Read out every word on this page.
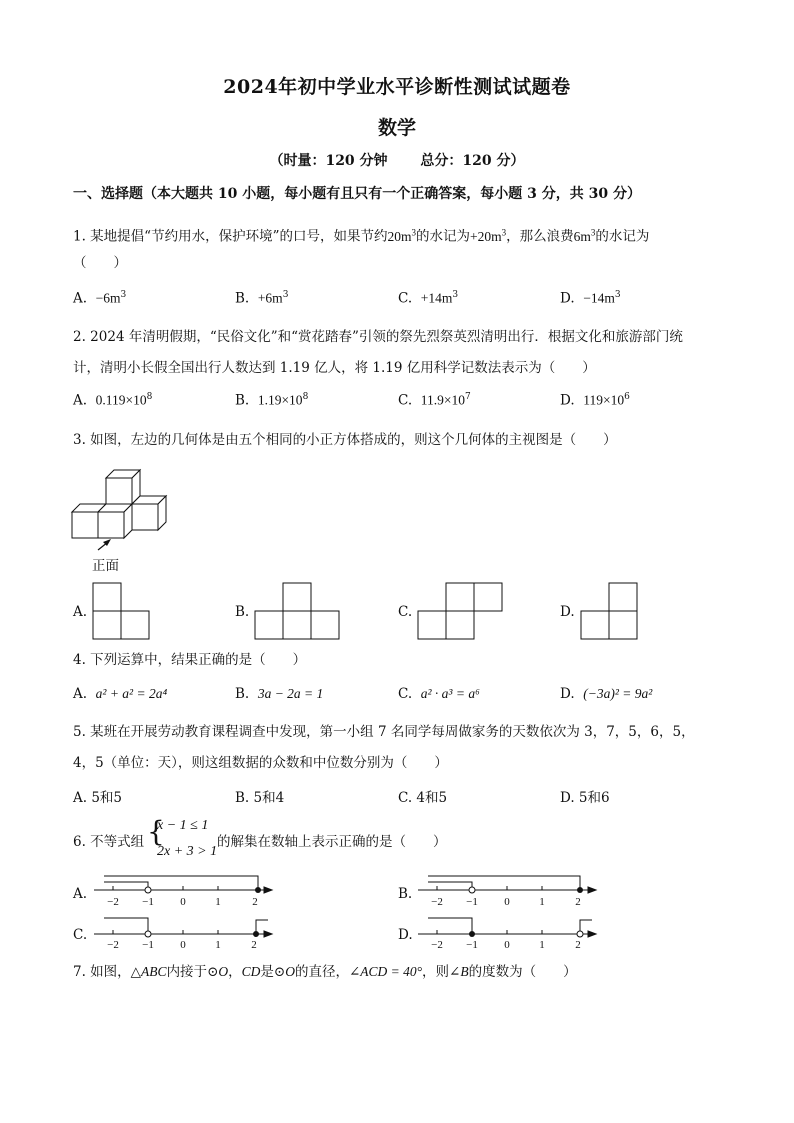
2024年初中学业水平诊断性测试试题卷
数学
（时量：120 分钟 　　总分：120 分）
一、选择题（本大题共 10 小题，每小题有且只有一个正确答案，每小题 3 分，共 30 分）
1. 某地提倡“节约用水，保护环境”的口号，如果节约$20m^3$的水记为$+20m^3$，那么浪费$6m^3$的水记为
（　　）
A. $-6m^3$	B. $+6m^3$	C. $+14m^3$	D. $-14m^3$
2. 2024 年清明假期，“民俗文化”和“赏花踏春”引领的祭先烈祭英烈清明出行．根据文化和旅游部门统
计，清明小长假全国出行人数达到 1.19 亿人，将 1.19 亿用科学记数法表示为（　　）
A. $0.119\times 10^8$	B. $1.19\times 10^8$	C. $11.9\times 10^7$	D. $119\times 10^6$
3. 如图，左边的几何体是由五个相同的小正方体搭成的，则这个几何体的主视图是（　　）
正面
A.	B.	C.	D.
4. 下列运算中，结果正确的是（　　）
A. a² + a² = 2a⁴	B. 3a − 2a = 1	C. a² · a³ = a⁶	D. (−3a)² = 9a²
5. 某班在开展劳动教育课程调查中发现，第一小组 7 名同学每周做家务的天数依次为 3，7，5，6，5，
4，5（单位：天），则这组数据的众数和中位数分别为（　　）
A. 5和5	B. 5和4	C. 4和5	D. 5和6
6. 不等式组 {
x − 1 ≤ 1
2x + 3 > 1
的解集在数轴上表示正确的是（　　）
A. −2 −1 0	1	2	B. −2 −1 0	1	2
C.
−2 −1 0	1	2
D.
−2 −1 0	1	2
7. 如图，△ABC内接于⊙O，CD是⊙O的直径，∠ACD = 40°，则∠B的度数为（　　）
